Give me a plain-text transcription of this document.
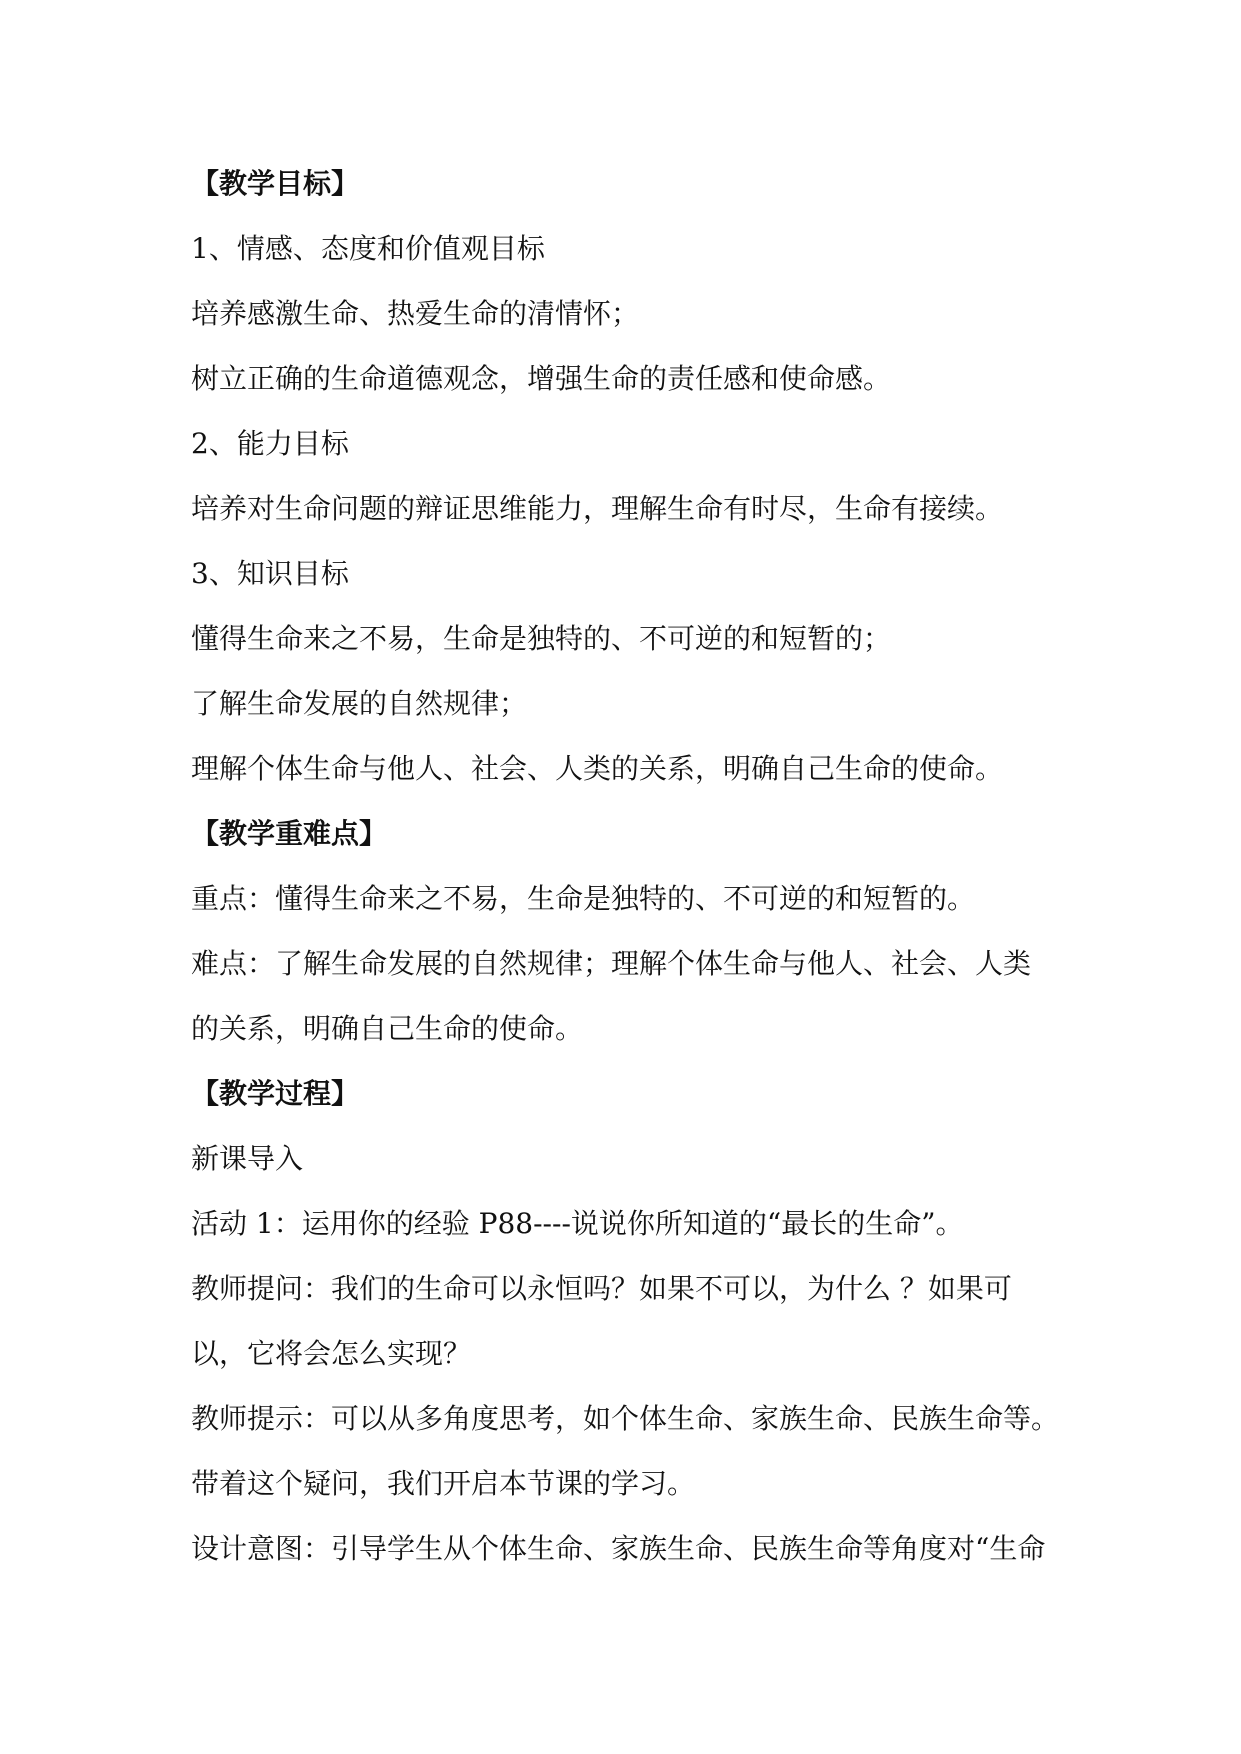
【教学目标】
1、情感、态度和价值观目标
培养感激生命、热爱生命的清情怀；
树立正确的生命道德观念，增强生命的责任感和使命感。
2、能力目标
培养对生命问题的辩证思维能力，理解生命有时尽，生命有接续。
3、知识目标
懂得生命来之不易，生命是独特的、不可逆的和短暂的；
了解生命发展的自然规律；
理解个体生命与他人、社会、人类的关系，明确自己生命的使命。
【教学重难点】
重点：懂得生命来之不易，生命是独特的、不可逆的和短暂的。
难点：了解生命发展的自然规律；理解个体生命与他人、社会、人类
的关系，明确自己生命的使命。
【教学过程】
新课导入
活动 1：运用你的经验 P88----说说你所知道的“最长的生命”。
教师提问：我们的生命可以永恒吗？如果不可以，为什么 ？如果可
以，它将会怎么实现？
教师提示：可以从多角度思考，如个体生命、家族生命、民族生命等。
带着这个疑问，我们开启本节课的学习。
设计意图：引导学生从个体生命、家族生命、民族生命等角度对“生命
